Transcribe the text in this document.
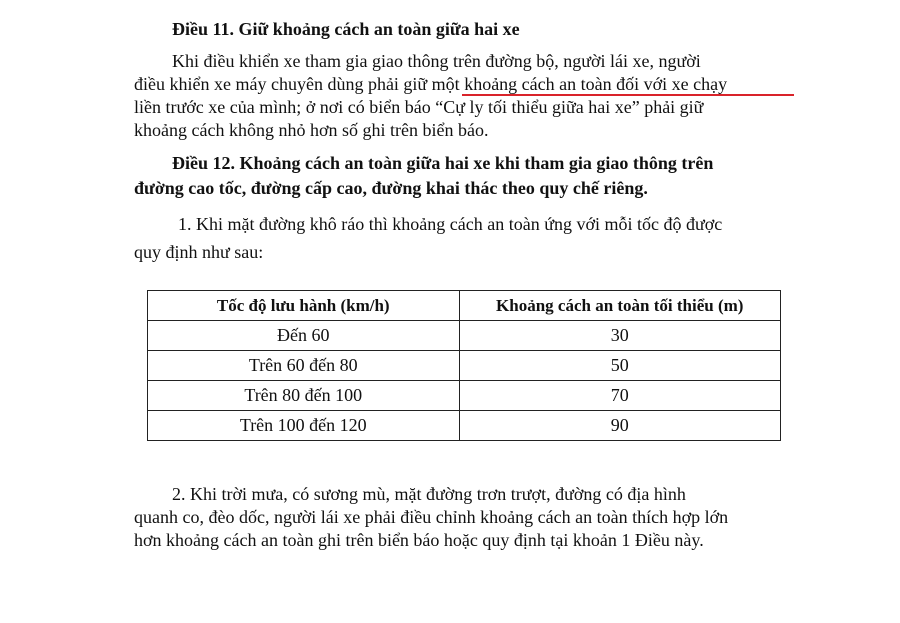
Điều 11. Giữ khoảng cách an toàn giữa hai xe
Khi điều khiển xe tham gia giao thông trên đường bộ, người lái xe, người
điều khiển xe máy chuyên dùng phải giữ một khoảng cách an toàn đối với xe chạy
liền trước xe của mình; ở nơi có biển báo “Cự ly tối thiểu giữa hai xe” phải giữ
khoảng cách không nhỏ hơn số ghi trên biển báo.
Điều 12. Khoảng cách an toàn giữa hai xe khi tham gia giao thông trên
đường cao tốc, đường cấp cao, đường khai thác theo quy chế riêng.
1. Khi mặt đường khô ráo thì khoảng cách an toàn ứng với mỗi tốc độ được
quy định như sau:
Tốc độ lưu hành (km/h)	Khoảng cách an toàn tối thiểu (m)
Đến 60	30
Trên 60 đến 80	50
Trên 80 đến 100	70
Trên 100 đến 120	90
2. Khi trời mưa, có sương mù, mặt đường trơn trượt, đường có địa hình
quanh co, đèo dốc, người lái xe phải điều chỉnh khoảng cách an toàn thích hợp lớn
hơn khoảng cách an toàn ghi trên biển báo hoặc quy định tại khoản 1 Điều này.
